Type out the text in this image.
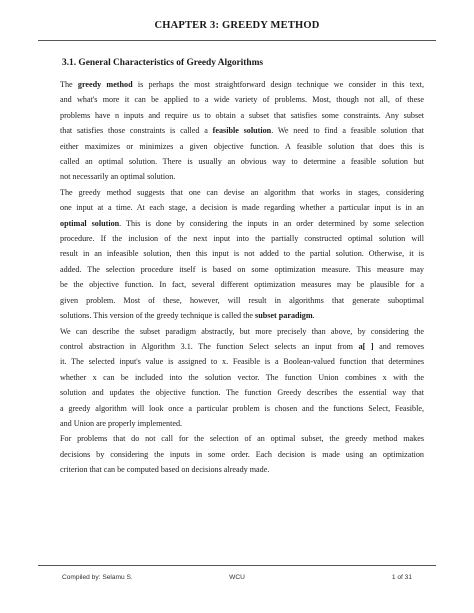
CHAPTER 3: GREEDY METHOD
3.1. General Characteristics of Greedy Algorithms
The greedy method is perhaps the most straightforward design technique we consider in this text,
and what's more it can be applied to a wide variety of problems. Most, though not all, of these
problems have n inputs and require us to obtain a subset that satisfies some constraints. Any subset
that satisfies those constraints is called a feasible solution. We need to find a feasible solution that
either maximizes or minimizes a given objective function. A feasible solution that does this is
called an optimal solution. There is usually an obvious way to determine a feasible solution but
not necessarily an optimal solution.
The greedy method suggests that one can devise an algorithm that works in stages, considering
one input at a time. At each stage, a decision is made regarding whether a particular input is in an
optimal solution. This is done by considering the inputs in an order determined by some selection
procedure. If the inclusion of the next input into the partially constructed optimal solution will
result in an infeasible solution, then this input is not added to the partial solution. Otherwise, it is
added. The selection procedure itself is based on some optimization measure. This measure may
be the objective function. In fact, several different optimization measures may be plausible for a
given problem. Most of these, however, will result in algorithms that generate suboptimal
solutions. This version of the greedy technique is called the subset paradigm.
We can describe the subset paradigm abstractly, but more precisely than above, by considering the
control abstraction in Algorithm 3.1. The function Select selects an input from a[ ] and removes
it. The selected input's value is assigned to x. Feasible is a Boolean-valued function that determines
whether x can be included into the solution vector. The function Union combines x with the
solution and updates the objective function. The function Greedy describes the essential way that
a greedy algorithm will look once a particular problem is chosen and the functions Select, Feasible,
and Union are properly implemented.
For problems that do not call for the selection of an optimal subset, the greedy method makes
decisions by considering the inputs in some order. Each decision is made using an optimization
criterion that can be computed based on decisions already made.
Compiled by: Selamu S.	WCU	1 of 31
